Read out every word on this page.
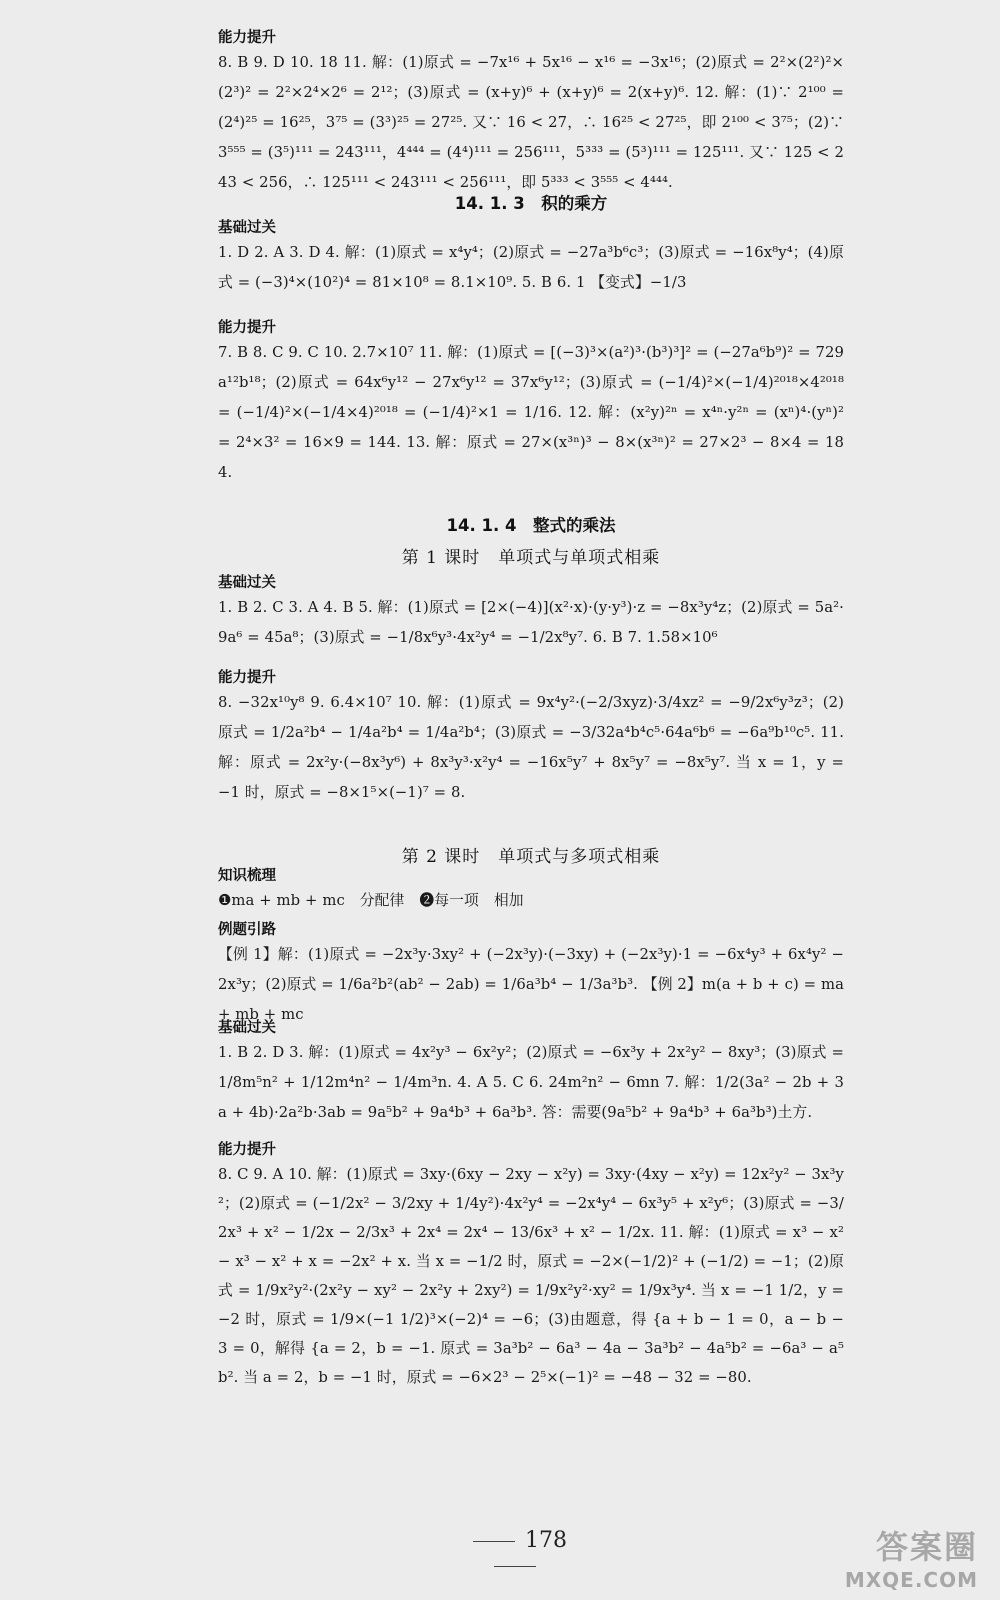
能力提升

8. B 9. D 10. 18 11. 解：(1)原式 = −7x¹⁶ + 5x¹⁶ − x¹⁶ = −3x¹⁶；(2)原式 = 2²×(2²)²×(2³)² = 2²×2⁴×2⁶ = 2¹²；(3)原式 = (x+y)⁶ + (x+y)⁶ = 2(x+y)⁶. 12. 解：(1)∵ 2¹⁰⁰ = (2⁴)²⁵ = 16²⁵，3⁷⁵ = (3³)²⁵ = 27²⁵. 又∵ 16 < 27，∴ 16²⁵ < 27²⁵，即 2¹⁰⁰ < 3⁷⁵；(2)∵ 3⁵⁵⁵ = (3⁵)¹¹¹ = 243¹¹¹，4⁴⁴⁴ = (4⁴)¹¹¹ = 256¹¹¹，5³³³ = (5³)¹¹¹ = 125¹¹¹. 又∵ 125 < 243 < 256，∴ 125¹¹¹ < 243¹¹¹ < 256¹¹¹，即 5³³³ < 3⁵⁵⁵ < 4⁴⁴⁴.

14. 1. 3　积的乘方

基础过关

1. D 2. A 3. D 4. 解：(1)原式 = x⁴y⁴；(2)原式 = −27a³b⁶c³；(3)原式 = −16x⁸y⁴；(4)原式 = (−3)⁴×(10²)⁴ = 81×10⁸ = 8.1×10⁹. 5. B 6. 1 【变式】−1/3

能力提升

7. B 8. C 9. C 10. 2.7×10⁷ 11. 解：(1)原式 = [(−3)³×(a²)³·(b³)³]² = (−27a⁶b⁹)² = 729a¹²b¹⁸；(2)原式 = 64x⁶y¹² − 27x⁶y¹² = 37x⁶y¹²；(3)原式 = (−1/4)²×(−1/4)²⁰¹⁸×4²⁰¹⁸ = (−1/4)²×(−1/4×4)²⁰¹⁸ = (−1/4)²×1 = 1/16. 12. 解：(x²y)²ⁿ = x⁴ⁿ·y²ⁿ = (xⁿ)⁴·(yⁿ)² = 2⁴×3² = 16×9 = 144. 13. 解：原式 = 27×(x³ⁿ)³ − 8×(x³ⁿ)² = 27×2³ − 8×4 = 184.

14. 1. 4　整式的乘法

第 1 课时　单项式与单项式相乘

基础过关

1. B 2. C 3. A 4. B 5. 解：(1)原式 = [2×(−4)](x²·x)·(y·y³)·z = −8x³y⁴z；(2)原式 = 5a²·9a⁶ = 45a⁸；(3)原式 = −1/8x⁶y³·4x²y⁴ = −1/2x⁸y⁷. 6. B 7. 1.58×10⁶

能力提升

8. −32x¹⁰y⁸ 9. 6.4×10⁷ 10. 解：(1)原式 = 9x⁴y²·(−2/3xyz)·3/4xz² = −9/2x⁶y³z³；(2)原式 = 1/2a²b⁴ − 1/4a²b⁴ = 1/4a²b⁴；(3)原式 = −3/32a⁴b⁴c⁵·64a⁶b⁶ = −6a⁹b¹⁰c⁵. 11. 解：原式 = 2x²y·(−8x³y⁶) + 8x³y³·x²y⁴ = −16x⁵y⁷ + 8x⁵y⁷ = −8x⁵y⁷. 当 x = 1，y = −1 时，原式 = −8×1⁵×(−1)⁷ = 8.

第 2 课时　单项式与多项式相乘

知识梳理

❶ma + mb + mc　分配律　❷每一项　相加

例题引路

【例 1】解：(1)原式 = −2x³y·3xy² + (−2x³y)·(−3xy) + (−2x³y)·1 = −6x⁴y³ + 6x⁴y² − 2x³y；(2)原式 = 1/6a²b²(ab² − 2ab) = 1/6a³b⁴ − 1/3a³b³. 【例 2】m(a + b + c) = ma + mb + mc

基础过关

1. B 2. D 3. 解：(1)原式 = 4x²y³ − 6x²y²；(2)原式 = −6x³y + 2x²y² − 8xy³；(3)原式 = 1/8m⁵n² + 1/12m⁴n² − 1/4m³n. 4. A 5. C 6. 24m²n² − 6mn 7. 解：1/2(3a² − 2b + 3a + 4b)·2a²b·3ab = 9a⁵b² + 9a⁴b³ + 6a³b³. 答：需要(9a⁵b² + 9a⁴b³ + 6a³b³)土方.

能力提升

8. C 9. A 10. 解：(1)原式 = 3xy·(6xy − 2xy − x²y) = 3xy·(4xy − x²y) = 12x²y² − 3x³y²；(2)原式 = (−1/2x² − 3/2xy + 1/4y²)·4x²y⁴ = −2x⁴y⁴ − 6x³y⁵ + x²y⁶；(3)原式 = −3/2x³ + x² − 1/2x − 2/3x³ + 2x⁴ = 2x⁴ − 13/6x³ + x² − 1/2x. 11. 解：(1)原式 = x³ − x² − x³ − x² + x = −2x² + x. 当 x = −1/2 时，原式 = −2×(−1/2)² + (−1/2) = −1；(2)原式 = 1/9x²y²·(2x²y − xy² − 2x²y + 2xy²) = 1/9x²y²·xy² = 1/9x³y⁴. 当 x = −1 1/2，y = −2 时，原式 = 1/9×(−1 1/2)³×(−2)⁴ = −6；(3)由题意，得 {a + b − 1 = 0，a − b − 3 = 0，解得 {a = 2，b = −1. 原式 = 3a³b² − 6a³ − 4a − 3a³b² − 4a⁵b² = −6a³ − a⁵b². 当 a = 2，b = −1 时，原式 = −6×2³ − 2⁵×(−1)² = −48 − 32 = −80.

178	答案圈
MXQE.COM
